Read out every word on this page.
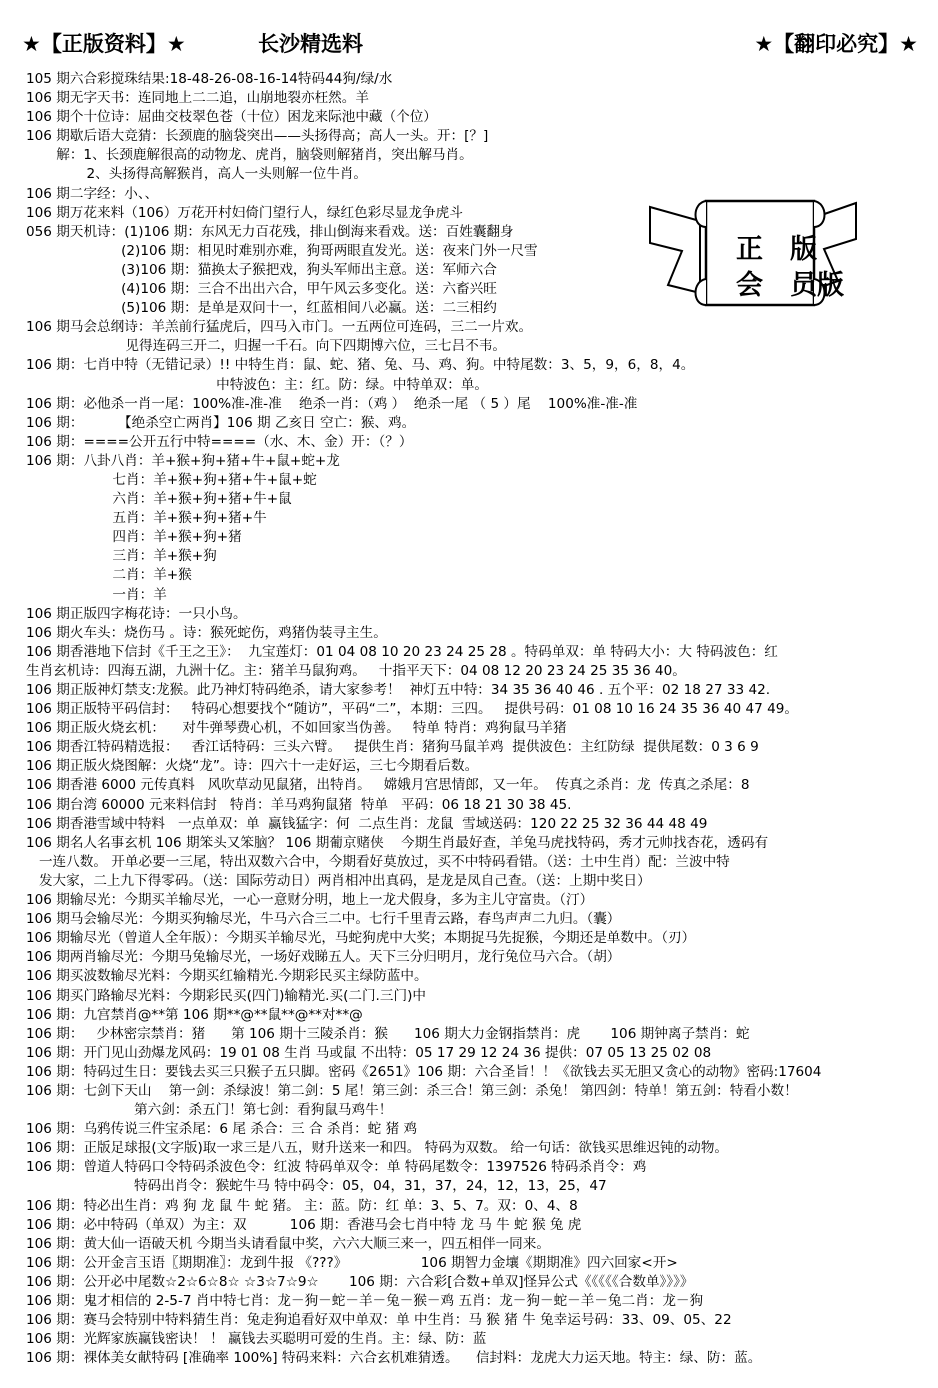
★【正版资料】★	长沙精选料	★【翻印必究】★
正 版
会 员版
105 期六合彩搅珠结果:18-48-26-08-16-14特码44狗/绿/水
106 期无字天书：连同地上二二追，山崩地裂亦枉然。羊
106 期个十位诗：屈曲交枝翠色苍（十位）困龙来际池中藏（个位）
106 期歇后语大竞猜：长颈鹿的脑袋突出——头扬得高；高人一头。开：[？]
解：1、长颈鹿解很高的动物龙、虎肖，脑袋则解猪肖，突出解马肖。
2、头扬得高解猴肖，高人一头则解一位牛肖。
106 期二字经：小、、
106 期万花来料（106）万花开村妇倚门望行人，绿红色彩尽显龙争虎斗
056 期天机诗：(1)106 期：东风无力百花残，排山倒海来看戏。送：百姓囊翻身
(2)106 期：相见时难别亦难，狗哥两眼直发光。送：夜来门外一尺雪
(3)106 期：猫换太子猴把戏，狗头军师出主意。送：军师六合
(4)106 期：三合不出出六合，甲午风云多变化。送：六畜兴旺
(5)106 期：是单是双问十一，红蓝相间八必赢。送：二三相约
106 期马会总纲诗：羊羔前行猛虎后，四马入市门。一五两位可连码，三二一片欢。
见得连码三开二，归握一千石。向下四期博六位，三七吕不韦。
106 期：七肖中特（无错记录）!! 中特生肖：鼠、蛇、猪、兔、马、鸡、狗。中特尾数：3、5，9，6，8，4。
中特波色：主：红。防：绿。中特单双：单。
106 期：必他杀一肖一尾：100%准-准-准    绝杀一肖：（鸡 ）  绝杀一尾 （ 5 ）尾    100%准-准-准
106 期：        【绝杀空亡两肖】106 期 乙亥日 空亡：猴、鸡。
106 期：====公开五行中特====（水、木、金）开：（？）
106 期：八卦八肖：羊+猴+狗+猪+牛+鼠+蛇+龙
七肖：羊+猴+狗+猪+牛+鼠+蛇
六肖：羊+猴+狗+猪+牛+鼠
五肖：羊+猴+狗+猪+牛
四肖：羊+猴+狗+猪
三肖：羊+猴+狗
二肖：羊+猴
一肖：羊
106 期正版四字梅花诗：一只小鸟。
106 期火车头：烧伤马 。诗：猴死蛇伤，鸡猪伪装寻主生。
106 期香港地下信封《千王之王》：  九宝莲灯：01 04 08 10 20 23 24 25 28 。特码单双：单 特码大小：大 特码波色：红
生肖玄机诗：四海五湖，九洲十亿。主：猪羊马鼠狗鸡。   十指平天下：04 08 12 20 23 24 25 35 36 40。
106 期正版神灯禁支:龙猴。此乃神灯特码绝杀，请大家参考！  神灯五中特：34 35 36 40 46 . 五个平：02 18 27 33 42.
106 期正版特平码信封：   特码心想要找个“随访”，平码“二”，本期：三四。   提供号码：01 08 10 16 24 35 36 40 47 49。
106 期正版火烧玄机：    对牛弹琴费心机，不如回家当伪善。   特单 特肖：鸡狗鼠马羊猪
106 期香江特码精选报：   香江话特码：三头六臂。   提供生肖：猪狗马鼠羊鸡  提供波色：主红防绿  提供尾数：0 3 6 9
106 期正版火烧图解：火烧“龙”。诗：四六十一走好运，三七今期看后数。
106 期香港 6000 元传真料   风吹草动见鼠猪，出特肖。   嫦娥月宫思情郎，又一年。  传真之杀肖：龙  传真之杀尾：8
106 期台湾 60000 元来料信封   特肖：羊马鸡狗鼠猪  特单   平码：06 18 21 30 38 45.
106 期香港雪域中特料   一点单双：单  赢钱猛字：何  二点生肖：龙鼠  雪域送码：120 22 25 32 36 44 48 49
106 期名人名事玄机 106 期笨头又笨脑？ 106 期葡京赌侠    今期生肖最好查，羊兔马虎找特码，秀才元帅找杏花，透码有
一连八数。 开单必要一三尾，特出双数六合中，今期看好莫放过，买不中特码看错。（送：土中生肖）配：兰波中特
发大家，二上九下得零码。（送：国际劳动日）两肖相冲出真码，是龙是凤自己查。（送：上期中奖日）
106 期输尽光：今期买羊输尽光，一心一意财分明，地上一龙犬假身，多为主儿守富贵。（汀）
106 期马会输尽光：今期买狗输尽光，牛马六合三二中。七行千里青云路，春鸟声声二九归。（囊）
106 期输尽光（曾道人全年版）：今期买羊输尽光，马蛇狗虎中大奖；本期捉马先捉猴，今期还是单数中。（刃）
106 期两肖输尽光：今期马兔输尽光，一场好戏睇五人。天下三分归明月，龙行兔位马六合。（胡）
106 期买波数输尽光料：今期买红输精光.今期彩民买主绿防蓝中。
106 期买门路输尽光料：今期彩民买(四门)输精光.买(二门.三门)中
106 期：九宫禁肖@**第 106 期**@**鼠**@**对**@
106 期：   少林密宗禁肖：猪      第 106 期十三陵杀肖：猴      106 期大力金钢指禁肖：虎       106 期钟离子禁肖：蛇
106 期：开门见山劲爆龙风码：19 01 08 生肖 马或鼠 不出特：05 17 29 12 24 36 提供：07 05 13 25 02 08
106 期：特码过生日：要钱去买三只猴子五只脚。密码《2651》106 期：六合圣旨！！《欲钱去买无胆又贪心的动物》密码:17604
106 期：七剑下天山    第一剑：杀绿波！第二剑：5 尾！第三剑：杀三合！第三剑：杀兔！ 第四剑：特单！第五剑：特看小数！
第六剑：杀五门！第七剑：看狗鼠马鸡牛！
106 期：乌鸦传说三件宝杀尾：6 尾 杀合：三 合 杀肖：蛇 猪 鸡
106 期：正版足球报(文字版)取一求三是八五，财升送来一和四。 特码为双数。 给一句话：欲钱买思维迟钝的动物。
106 期：曾道人特码口令特码杀波色令：红波 特码单双令：单 特码尾数令：1397526 特码杀肖令：鸡
特码出肖令：猴蛇牛马 特中码令：05，04，31，37，24，12，13，25，47
106 期：特必出生肖：鸡 狗 龙 鼠 牛 蛇 猪。 主：蓝。防：红 单：3、5、7。双：0、4、8
106 期：必中特码（单双）为主：双          106 期：香港马会七肖中特 龙 马 牛 蛇 猴 兔 虎
106 期：黄大仙一语破天机 今期当头请看鼠中奖，六六大顺三来一，四五相伴一同来。
106 期：公开金言玉语〖期期准〗：龙到牛报 《???》                 106 期智力金壤《期期准》四六回家<开>
106 期：公开必中尾数☆2☆6☆8☆ ☆3☆7☆9☆       106 期：六合彩[合数+单双]怪异公式《《《《《合数单》》》》
106 期：鬼才相信的 2-5-7 肖中特七肖：龙－狗－蛇－羊－兔－猴－鸡 五肖：龙－狗－蛇－羊－兔二肖：龙－狗
106 期：赛马会特别中特料猜生肖：兔走狗追看好双中单双：单 中生肖：马 猴 猪 牛 兔幸运号码：33、09、05、22
106 期：光辉家族赢钱密诀！ ！ 赢钱去买聪明可爱的生肖。主：绿、防：蓝
106 期：裸体美女献特码 [准确率 100%] 特码来料：六合玄机难猜透。    信封料：龙虎大力运天地。特主：绿、防：蓝。
